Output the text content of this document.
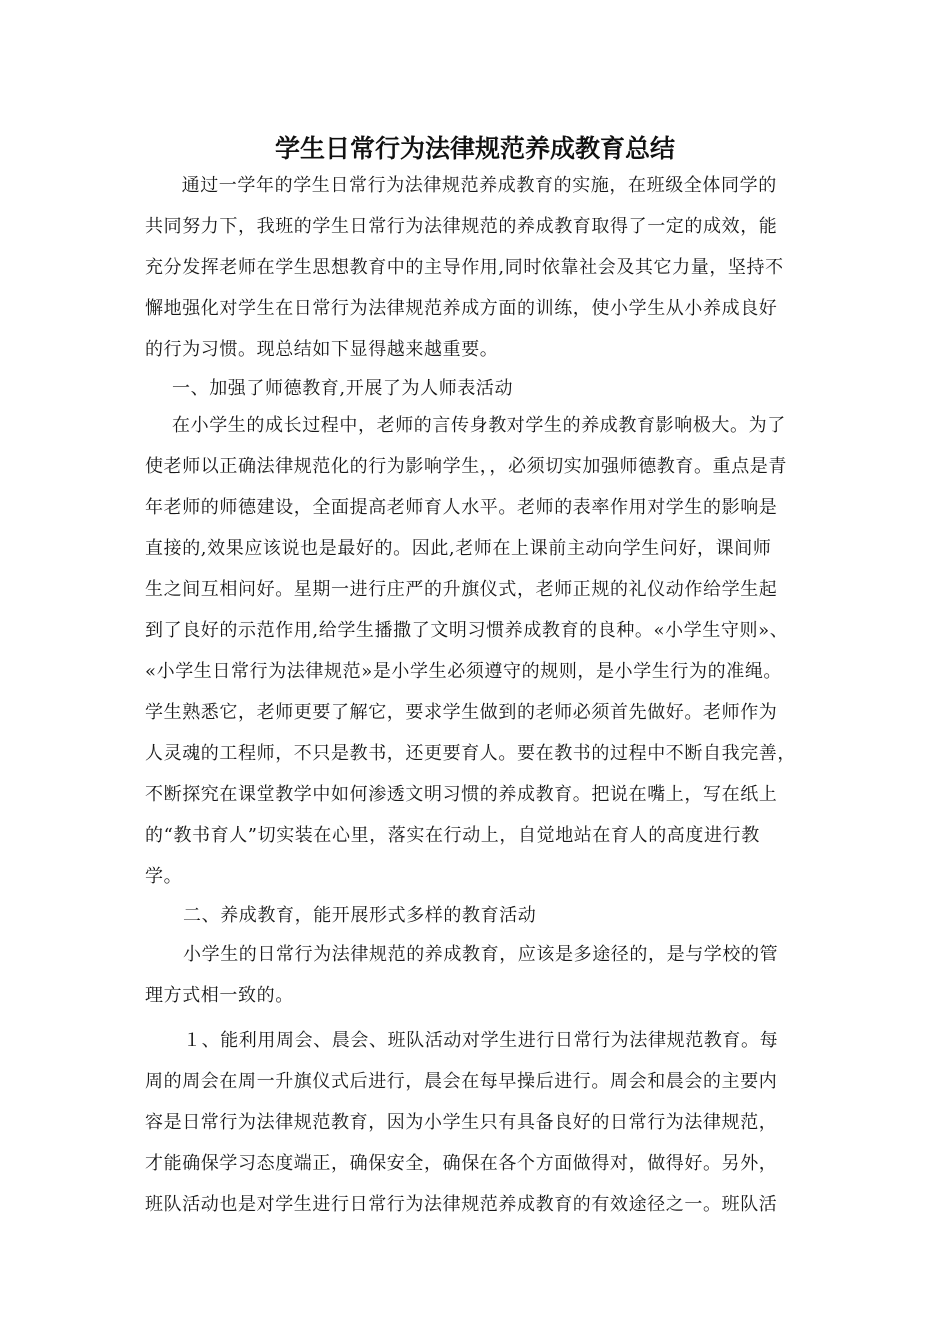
学生日常行为法律规范养成教育总结
　通过一学年的学生日常行为法律规范养成教育的实施，在班级全体同学的
共同努力下，我班的学生日常行为法律规范的养成教育取得了一定的成效，能
充分发挥老师在学生思想教育中的主导作用,同时依靠社会及其它力量，坚持不
懈地强化对学生在日常行为法律规范养成方面的训练，使小学生从小养成良好
的行为习惯。现总结如下显得越来越重要。
一、加强了师德教育,开展了为人师表活动
在小学生的成长过程中，老师的言传身教对学生的养成教育影响极大。为了
使老师以正确法律规范化的行为影响学生，，必须切实加强师德教育。重点是青
年老师的师德建设，全面提高老师育人水平。老师的表率作用对学生的影响是
直接的,效果应该说也是最好的。因此,老师在上课前主动向学生问好，课间师
生之间互相问好。星期一进行庄严的升旗仪式，老师正规的礼仪动作给学生起
到了良好的示范作用,给学生播撒了文明习惯养成教育的良种。«小学生守则»、
«小学生日常行为法律规范»是小学生必须遵守的规则，是小学生行为的准绳。
学生熟悉它，老师更要了解它，要求学生做到的老师必须首先做好。老师作为
人灵魂的工程师，不只是教书，还更要育人。要在教书的过程中不断自我完善，
不断探究在课堂教学中如何渗透文明习惯的养成教育。把说在嘴上，写在纸上
的“教书育人”切实装在心里，落实在行动上，自觉地站在育人的高度进行教
学。
二、养成教育，能开展形式多样的教育活动
小学生的日常行为法律规范的养成教育，应该是多途径的，是与学校的管
理方式相一致的。
１、能利用周会、晨会、班队活动对学生进行日常行为法律规范教育。每
周的周会在周一升旗仪式后进行，晨会在每早操后进行。周会和晨会的主要内
容是日常行为法律规范教育，因为小学生只有具备良好的日常行为法律规范，
才能确保学习态度端正，确保安全，确保在各个方面做得对，做得好。另外，
班队活动也是对学生进行日常行为法律规范养成教育的有效途径之一。班队活
